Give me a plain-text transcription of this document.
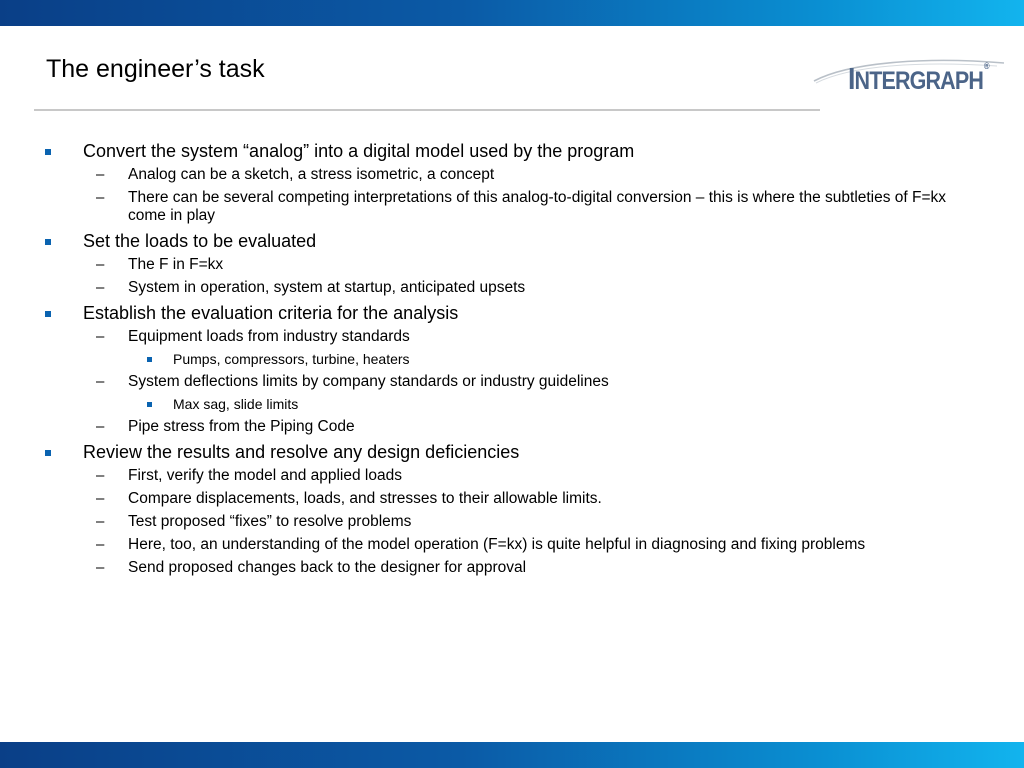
The engineer’s task	INTERGRAPH®
Convert the system “analog” into a digital model used by the program
– Analog can be a sketch, a stress isometric, a concept
– There can be several competing interpretations of this analog-to-digital conversion – this is where the subtleties of F=kx come in play
Set the loads to be evaluated
– The F in F=kx
– System in operation, system at startup, anticipated upsets
Establish the evaluation criteria for the analysis
– Equipment loads from industry standards
Pumps, compressors, turbine, heaters
– System deflections limits by company standards or industry guidelines
Max sag, slide limits
– Pipe stress from the Piping Code
Review the results and resolve any design deficiencies
– First, verify the model and applied loads
– Compare displacements, loads, and stresses to their allowable limits.
– Test proposed “fixes” to resolve problems
– Here, too, an understanding of the model operation (F=kx) is quite helpful in diagnosing and fixing problems
– Send proposed changes back to the designer for approval
